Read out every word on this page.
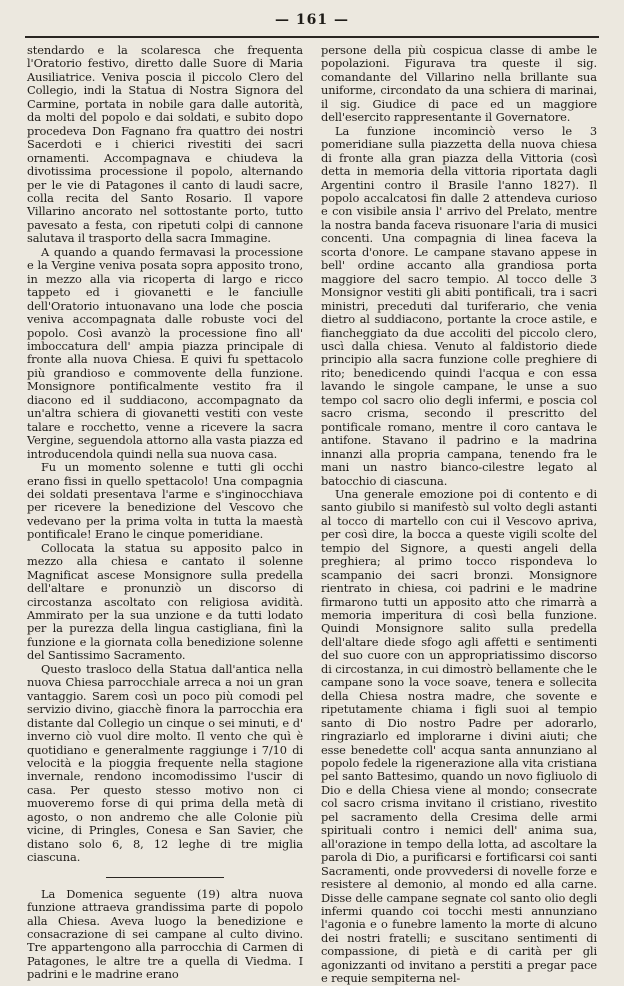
— 161 —

stendardo e la scolaresca che frequenta l'Oratorio festivo, diretto dalle Suore di Maria Ausiliatrice. Veniva poscia il piccolo Clero del Collegio, indi la Statua di Nostra Signora del Carmine, portata in nobile gara dalle autorità, da molti del popolo e dai soldati, e subito dopo procedeva Don Fagnano fra quattro dei nostri Sacerdoti e i chierici rivestiti dei sacri ornamenti. Accompagnava e chiudeva la divotissima processione il popolo, alternando per le vie di Patagones il canto di laudi sacre, colla recita del Santo Rosario. Il vapore Villarino ancorato nel sottostante porto, tutto pavesato a festa, con ripetuti colpi di cannone salutava il trasporto della sacra Immagine.

A quando a quando fermavasi la processione e la Vergine veniva posata sopra apposito trono, in mezzo alla via ricoperta di largo e ricco tappeto ed i giovanetti e le fanciulle dell'Oratorio intuonavano una lode che poscia veniva accompagnata dalle robuste voci del popolo. Così avanzò la processione fino all' imboccatura dell' ampia piazza principale di fronte alla nuova Chiesa. E quivi fu spettacolo più grandioso e commovente della funzione. Monsignore pontificalmente vestito fra il diacono ed il suddiacono, accompagnato da un'altra schiera di giovanetti vestiti con veste talare e rocchetto, venne a ricevere la sacra Vergine, seguendola attorno alla vasta piazza ed introducendola quindi nella sua nuova casa.

Fu un momento solenne e tutti gli occhi erano fissi in quello spettacolo! Una compagnia dei soldati presentava l'arme e s'inginocchiava per ricevere la benedizione del Vescovo che vedevano per la prima volta in tutta la maestà pontificale! Erano le cinque pomeridiane.

Collocata la statua su apposito palco in mezzo alla chiesa e cantato il solenne Magnificat ascese Monsignore sulla predella dell'altare e pronunziò un discorso di circostanza ascoltato con religiosa avidità. Ammirato per la sua unzione e da tutti lodato per la purezza della lingua castigliana, finì la funzione e la giornata colla benedizione solenne del Santissimo Sacramento.

Questo trasloco della Statua dall'antica nella nuova Chiesa parrocchiale arreca a noi un gran vantaggio. Sarem così un poco più comodi pel servizio divino, giacchè finora la parrocchia era distante dal Collegio un cinque o sei minuti, e d' inverno ciò vuol dire molto. Il vento che quì è quotidiano e generalmente raggiunge i 7/10 di velocità e la pioggia frequente nella stagione invernale, rendono incomodissimo l'uscir di casa. Per questo stesso motivo non ci muoveremo forse di qui prima della metà di agosto, o non andremo che alle Colonie più vicine, di Pringles, Conesa e San Savier, che distano solo 6, 8, 12 leghe di tre miglia ciascuna.

La Domenica seguente (19) altra nuova funzione attraeva grandissima parte di popolo alla Chiesa. Aveva luogo la benedizione e consacrazione di sei campane al culto divino. Tre appartengono alla parrocchia di Carmen di Patagones, le altre tre a quella di Viedma. I padrini e le madrine erano

persone della più cospicua classe di ambe le popolazioni. Figurava tra queste il sig. comandante del Villarino nella brillante sua uniforme, circondato da una schiera di marinai, il sig. Giudice di pace ed un maggiore dell'esercito rappresentante il Governatore.

La funzione incominciò verso le 3 pomeridiane sulla piazzetta della nuova chiesa di fronte alla gran piazza della Vittoria (così detta in memoria della vittoria riportata dagli Argentini contro il Brasile l'anno 1827). Il popolo accalcatosi fin dalle 2 attendeva curioso e con visibile ansia l' arrivo del Prelato, mentre la nostra banda faceva risuonare l'aria di musici concenti. Una compagnia di linea faceva la scorta d'onore. Le campane stavano appese in bell' ordine accanto alla grandiosa porta maggiore del sacro tempio. Al tocco delle 3 Monsignor vestiti gli abiti pontificali, tra i sacri ministri, preceduti dal turiferario, che venia dietro al suddiacono, portante la croce astile, e fiancheggiato da due accoliti del piccolo clero, uscì dalla chiesa. Venuto al faldistorio diede principio alla sacra funzione colle preghiere di rito; benedicendo quindi l'acqua e con essa lavando le singole campane, le unse a suo tempo col sacro olio degli infermi, e poscia col sacro crisma, secondo il prescritto del pontificale romano, mentre il coro cantava le antifone. Stavano il padrino e la madrina innanzi alla propria campana, tenendo fra le mani un nastro bianco-cilestre legato al batocchio di ciascuna.

Una generale emozione poi di contento e di santo giubilo si manifestò sul volto degli astanti al tocco di martello con cui il Vescovo apriva, per così dire, la bocca a queste vigili scolte del tempio del Signore, a questi angeli della preghiera; al primo tocco rispondeva lo scampanio dei sacri bronzi. Monsignore rientrato in chiesa, coi padrini e le madrine firmarono tutti un apposito atto che rimarrà a memoria imperitura di così bella funzione. Quindi Monsignore salito sulla predella dell'altare diede sfogo agli affetti e sentimenti del suo cuore con un appropriatissimo discorso di circostanza, in cui dimostrò bellamente che le campane sono la voce soave, tenera e sollecita della Chiesa nostra madre, che sovente e ripetutamente chiama i figli suoi al tempio santo di Dio nostro Padre per adorarlo, ringraziarlo ed implorarne i divini aiuti; che esse benedette coll' acqua santa annunziano al popolo fedele la rigenerazione alla vita cristiana pel santo Battesimo, quando un novo figliuolo di Dio e della Chiesa viene al mondo; consecrate col sacro crisma invitano il cristiano, rivestito pel sacramento della Cresima delle armi spirituali contro i nemici dell' anima sua, all'orazione in tempo della lotta, ad ascoltare la parola di Dio, a purificarsi e fortificarsi coi santi Sacramenti, onde provvedersi di novelle forze e resistere al demonio, al mondo ed alla carne. Disse delle campane segnate col santo olio degli infermi quando coi tocchi mesti annunziano l'agonia e o funebre lamento la morte di alcuno dei nostri fratelli; e suscitano sentimenti di compassione, di pietà e di carità per gli agonizzanti od invitano a perstiti a pregar pace e requie sempiterna nel-
